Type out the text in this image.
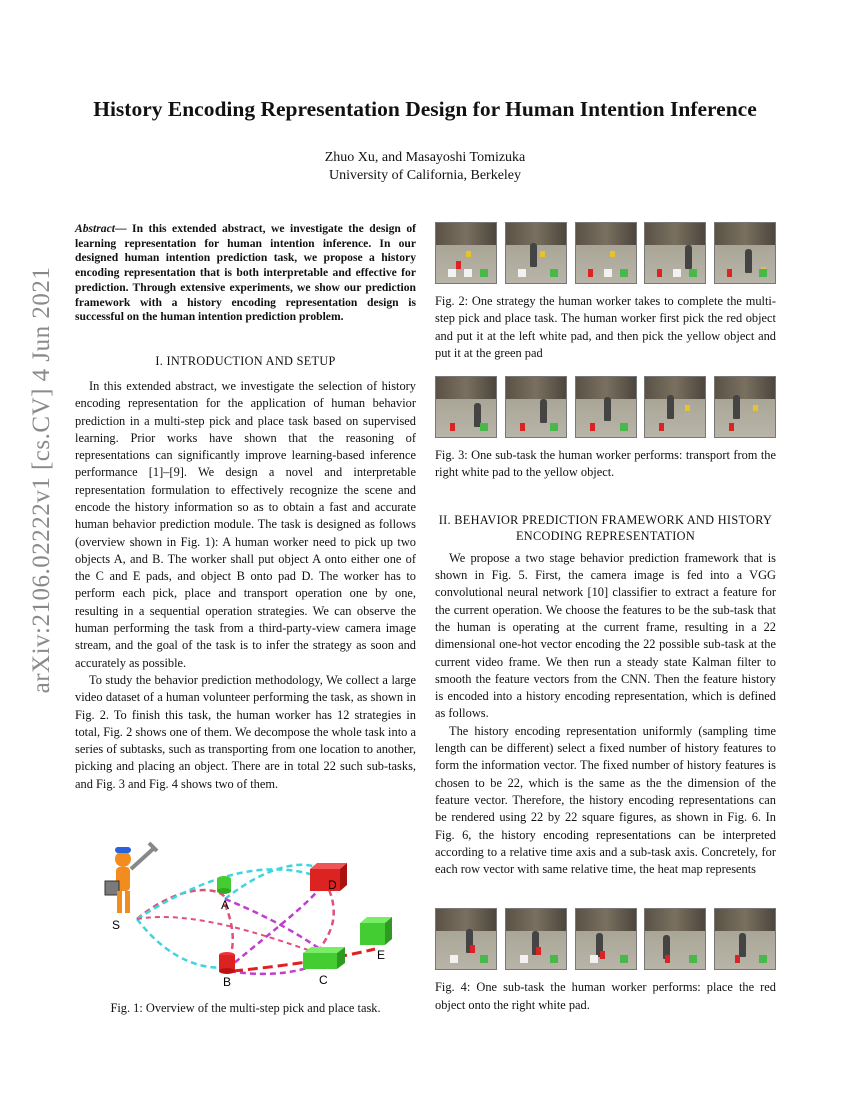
arXiv:2106.02222v1 [cs.CV] 4 Jun 2021
History Encoding Representation Design for Human Intention Inference
Zhuo Xu, and Masayoshi Tomizuka
University of California, Berkeley

Abstract— In this extended abstract, we investigate the design of learning representation for human intention inference. In our designed human intention prediction task, we propose a history encoding representation that is both interpretable and effective for prediction. Through extensive experiments, we show our prediction framework with a history encoding representation design is successful on the human intention prediction problem.

I. INTRODUCTION AND SETUP

In this extended abstract, we investigate the selection of history encoding representation for the application of human behavior prediction in a multi-step pick and place task based on supervised learning. Prior works have shown that the reasoning of representations can significantly improve learning-based inference performance [1]–[9]. We design a novel and interpretable representation formulation to effectively recognize the scene and encode the history information so as to obtain a fast and accurate human behavior prediction module. The task is designed as follows (overview shown in Fig. 1): A human worker need to pick up two objects A, and B. The worker shall put object A onto either one of the C and E pads, and object B onto pad D. The worker has to perform each pick, place and transport operation one by one, resulting in a sequential operation strategies. We can observe the human performing the task from a third-party-view camera image stream, and the goal of the task is to infer the strategy as soon and accurately as possible.

To study the behavior prediction methodology, We collect a large video dataset of a human volunteer performing the task, as shown in Fig. 2. To finish this task, the human worker has 12 strategies in total, Fig. 2 shows one of them. We decompose the whole task into a series of subtasks, such as transporting from one location to another, picking and placing an object. There are in total 22 such sub-tasks, and Fig. 3 and Fig. 4 shows two of them.

S
A
B	C
D
E

Fig. 1: Overview of the multi-step pick and place task.

Fig. 2: One strategy the human worker takes to complete the multi-step pick and place task. The human worker first pick the red object and put it at the left white pad, and then pick the yellow object and put it at the green pad

Fig. 3: One sub-task the human worker performs: transport from the right white pad to the yellow object.

II. BEHAVIOR PREDICTION FRAMEWORK AND HISTORY

ENCODING REPRESENTATION

We propose a two stage behavior prediction framework that is shown in Fig. 5. First, the camera image is fed into a VGG convolutional neural network [10] classifier to extract a feature for the current operation. We choose the features to be the sub-task that the human is operating at the current frame, resulting in a 22 dimensional one-hot vector encoding the 22 possible sub-task at the current video frame. We then run a steady state Kalman filter to smooth the feature vectors from the CNN. Then the feature history is encoded into a history encoding representation, which is defined as follows.

The history encoding representation uniformly (sampling time length can be different) select a fixed number of history features to form the information vector. The fixed number of history features is chosen to be 22, which is the same as the the dimension of the feature vector. Therefore, the history encoding representations can be rendered using 22 by 22 square figures, as shown in Fig. 6. In Fig. 6, the history encoding representations can be interpreted according to a relative time axis and a sub-task axis. Concretely, for each row vector with same relative time, the heat map represents

Fig. 4: One sub-task the human worker performs: place the red object onto the right white pad.
